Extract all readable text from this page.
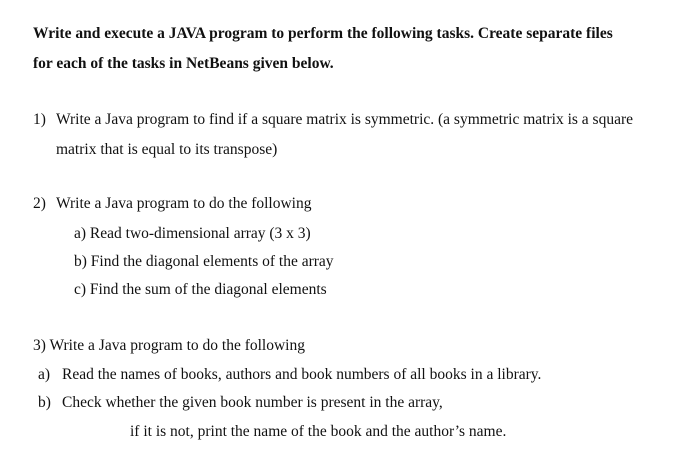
Write and execute a JAVA program to perform the following tasks. Create separate files
for each of the tasks in NetBeans given below.
1) Write a Java program to find if a square matrix is symmetric. (a symmetric matrix is a square
matrix that is equal to its transpose)
2) Write a Java program to do the following
a) Read two-dimensional array (3 x 3)
b) Find the diagonal elements of the array
c) Find the sum of the diagonal elements
3) Write a Java program to do the following
a) Read the names of books, authors and book numbers of all books in a library.
b) Check whether the given book number is present in the array,
if it is not, print the name of the book and the author’s name.
